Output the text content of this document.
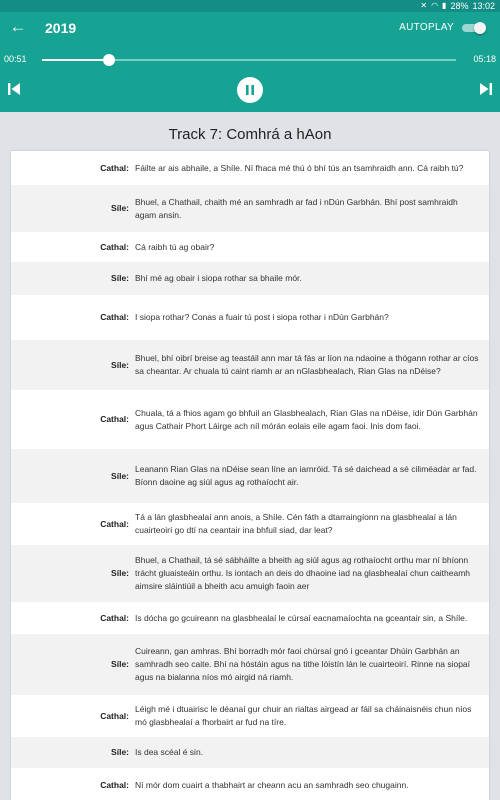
✕ ◠ ▮ 28% 13:02
← 2019	AUTOPLAY
00:51	05:18
Track 7: Comhrá a hAon
Cathal: Fáilte ar ais abhaile, a Shíle. Ní fhaca mé thú ó bhí tús an tsamhraidh ann. Cá raibh tú?
Síle:
Bhuel, a Chathail, chaith mé an samhradh ar fad i nDún Garbhán. Bhí post samhraidh agam ansin.
Cathal: Cá raibh tú ag obair?
Síle: Bhí mé ag obair i siopa rothar sa bhaile mór.
Cathal: I siopa rothar? Conas a fuair tú post i siopa rothar i nDún Garbhán?
Síle:
Bhuel, bhí oibrí breise ag teastáil ann mar tá fás ar líon na ndaoine a thógann rothar ar cíos sa cheantar. Ar chuala tú caint riamh ar an nGlasbhealach, Rian Glas na nDéise?
Cathal:
Chuala, tá a fhios agam go bhfuil an Glasbhealach, Rian Glas na nDéise, idir Dún Garbhán agus Cathair Phort Láirge ach níl mórán eolais eile agam faoi. Inis dom faoi.
Síle:
Leanann Rian Glas na nDéise sean líne an iarnróid. Tá sé daichead a sé ciliméadar ar fad. Bíonn daoine ag siúl agus ag rothaíocht air.
Cathal:
Tá a lán glasbhealaí ann anois, a Shíle. Cén fáth a dtarraingíonn na glasbhealaí a lán cuairteoirí go dtí na ceantair ina bhfuil siad, dar leat?
Síle:
Bhuel, a Chathail, tá sé sábháilte a bheith ag siúl agus ag rothaíocht orthu mar ní bhíonn trácht gluaisteáin orthu. Is iontach an deis do dhaoine iad na glasbhealaí chun caitheamh aimsire sláintiúil a bheith acu amuigh faoin aer
Cathal: Is dócha go gcuireann na glasbhealaí le cúrsaí eacnamaíochta na gceantair sin, a Shíle.
Síle:
Cuireann, gan amhras. Bhí borradh mór faoi chúrsaí gnó i gceantar Dhúin Garbhán an samhradh seo caite. Bhí na hóstáin agus na tithe lóistín lán le cuairteoirí. Rinne na siopaí agus na bialanna níos mó airgid ná riamh.
Cathal:
Léigh mé i dtuairisc le déanaí gur chuir an rialtas airgead ar fáil sa cháinaisnéis chun níos mó glasbhealaí a fhorbairt ar fud na tíre.
Síle: Is dea scéal é sin.
Cathal: Ní mór dom cuairt a thabhairt ar cheann acu an samhradh seo chugainn.
